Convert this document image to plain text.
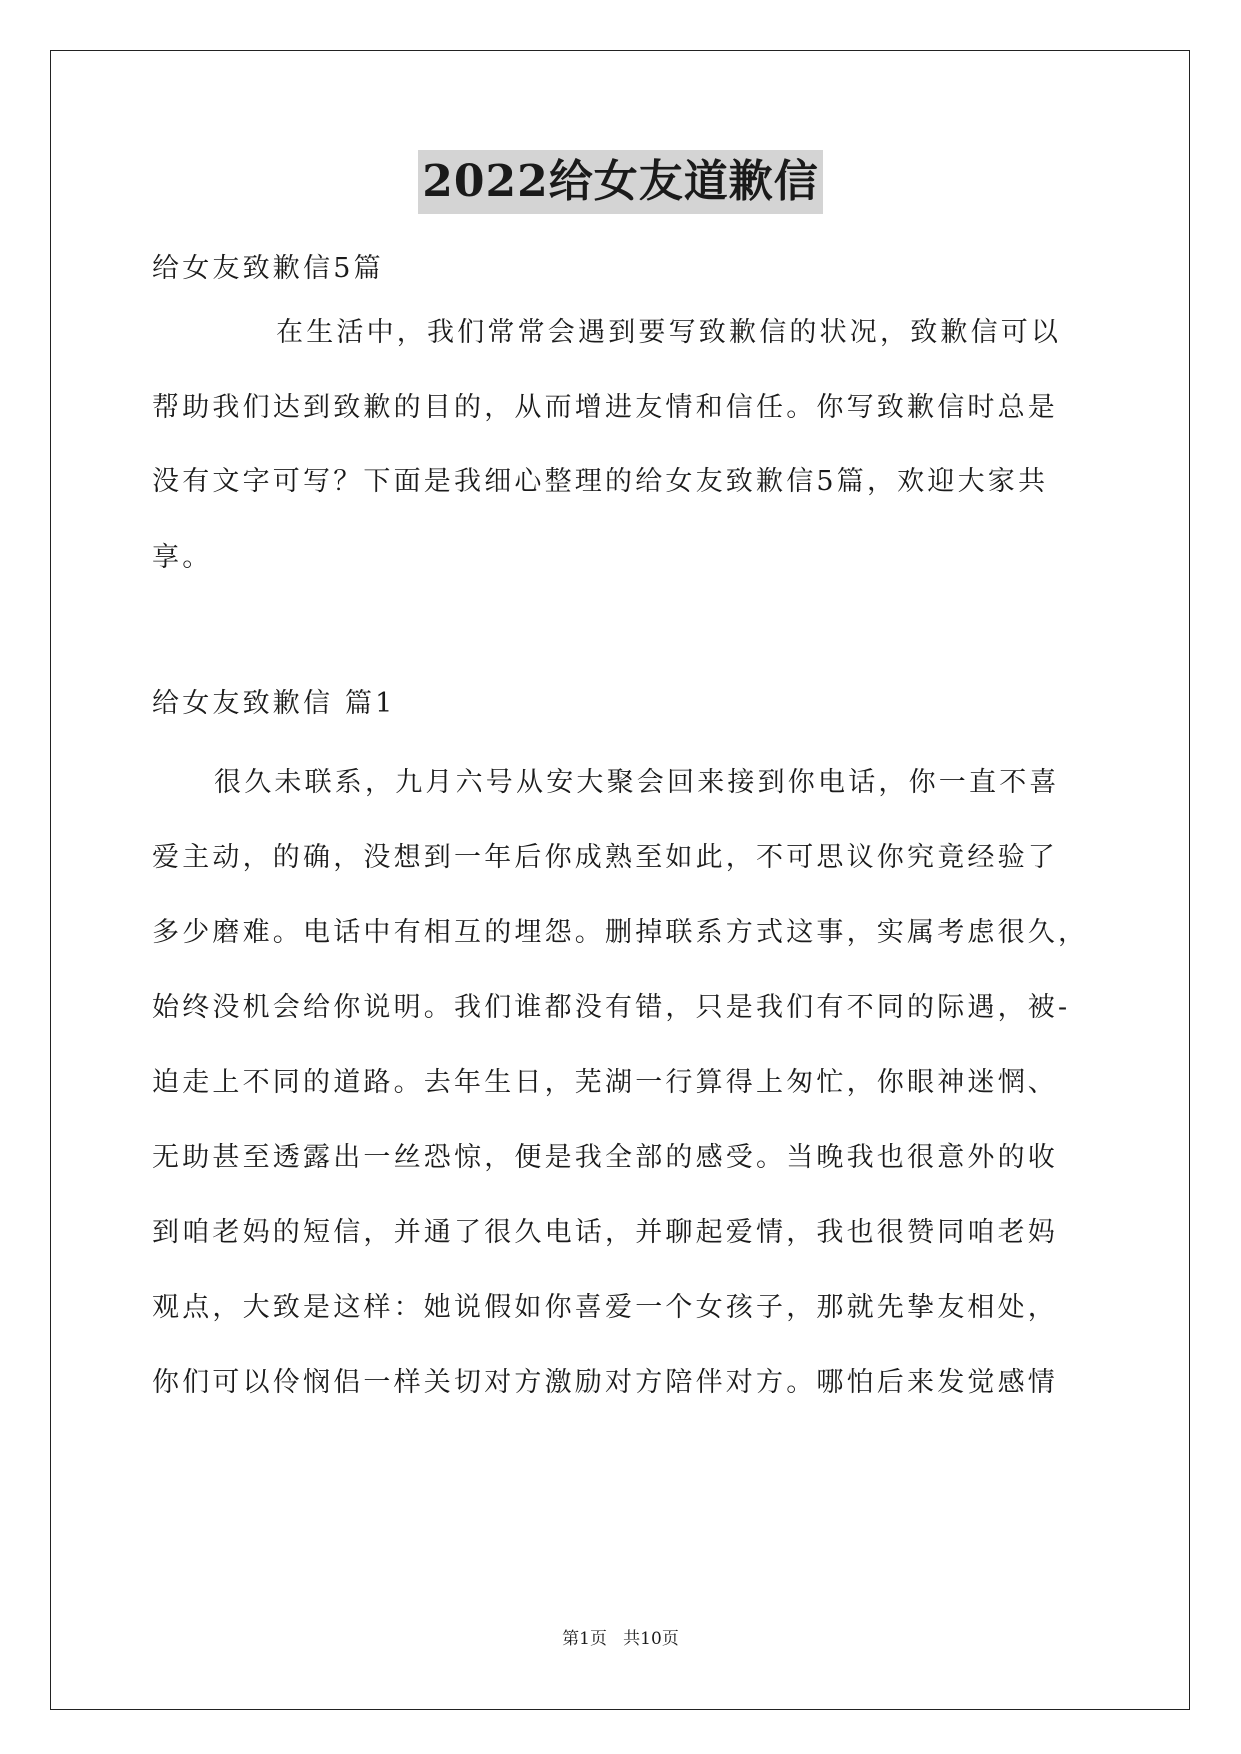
2022给女友道歉信
给女友致歉信5篇
在生活中，我们常常会遇到要写致歉信的状况，致歉信可以
帮助我们达到致歉的目的，从而增进友情和信任。你写致歉信时总是
没有文字可写？下面是我细心整理的给女友致歉信5篇，欢迎大家共
享。
给女友致歉信 篇1
很久未联系，九月六号从安大聚会回来接到你电话，你一直不喜
爱主动，的确，没想到一年后你成熟至如此，不可思议你究竟经验了
多少磨难。电话中有相互的埋怨。删掉联系方式这事，实属考虑很久，
始终没机会给你说明。我们谁都没有错，只是我们有不同的际遇，被-
迫走上不同的道路。去年生日，芜湖一行算得上匆忙，你眼神迷惘、
无助甚至透露出一丝恐惊，便是我全部的感受。当晚我也很意外的收
到咱老妈的短信，并通了很久电话，并聊起爱情，我也很赞同咱老妈
观点，大致是这样：她说假如你喜爱一个女孩子，那就先挚友相处，
你们可以伶悯侣一样关切对方激励对方陪伴对方。哪怕后来发觉感情
第1页   共10页
